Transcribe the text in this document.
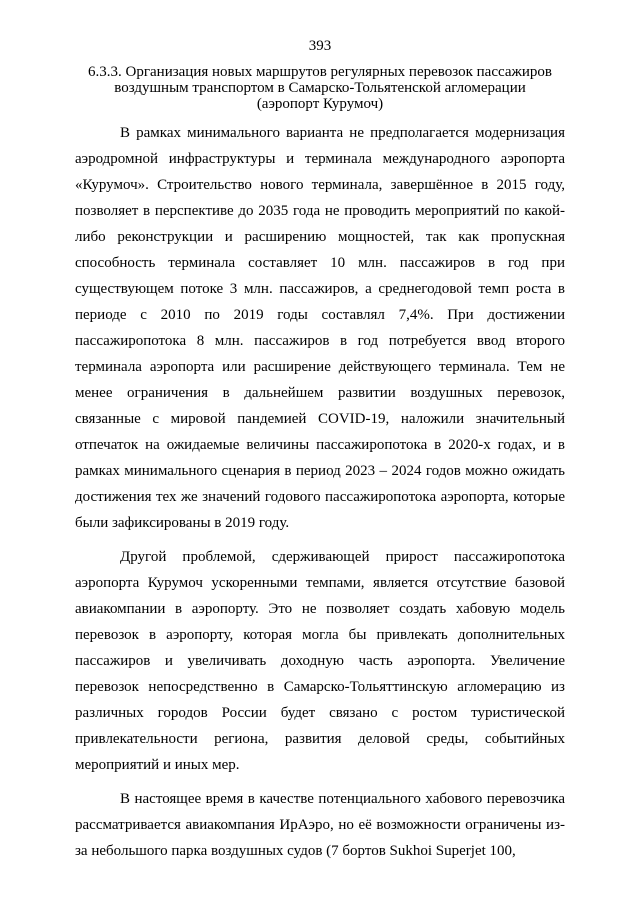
393
6.3.3. Организация новых маршрутов регулярных перевозок пассажиров
воздушным транспортом в Самарско-Тольятенской агломерации
(аэропорт Курумоч)

В рамках минимального варианта не предполагается модернизация аэродромной инфраструктуры и терминала международного аэропорта «Курумоч». Строительство нового терминала, завершённое в 2015 году, позволяет в перспективе до 2035 года не проводить мероприятий по какой-либо реконструкции и расширению мощностей, так как пропускная способность терминала составляет 10 млн. пассажиров в год при существующем потоке 3 млн. пассажиров, а среднегодовой темп роста в периоде с 2010 по 2019 годы составлял 7,4%. При достижении пассажиропотока 8 млн. пассажиров в год потребуется ввод второго терминала аэропорта или расширение действующего терминала. Тем не менее ограничения в дальнейшем развитии воздушных перевозок, связанные с мировой пандемией COVID-19, наложили значительный отпечаток на ожидаемые величины пассажиропотока в 2020-х годах, и в рамках минимального сценария в период 2023 – 2024 годов можно ожидать достижения тех же значений годового пассажиропотока аэропорта, которые были зафиксированы в 2019 году.

Другой проблемой, сдерживающей прирост пассажиропотока аэропорта Курумоч ускоренными темпами, является отсутствие базовой авиакомпании в аэропорту. Это не позволяет создать хабовую модель перевозок в аэропорту, которая могла бы привлекать дополнительных пассажиров и увеличивать доходную часть аэропорта. Увеличение перевозок непосредственно в Самарско-Тольяттинскую агломерацию из различных городов России будет связано с ростом туристической привлекательности региона, развития деловой среды, событийных мероприятий и иных мер.

В настоящее время в качестве потенциального хабового перевозчика рассматривается авиакомпания ИрАэро, но её возможности ограничены из-за небольшого парка воздушных судов (7 бортов Sukhoi Superjet 100,
